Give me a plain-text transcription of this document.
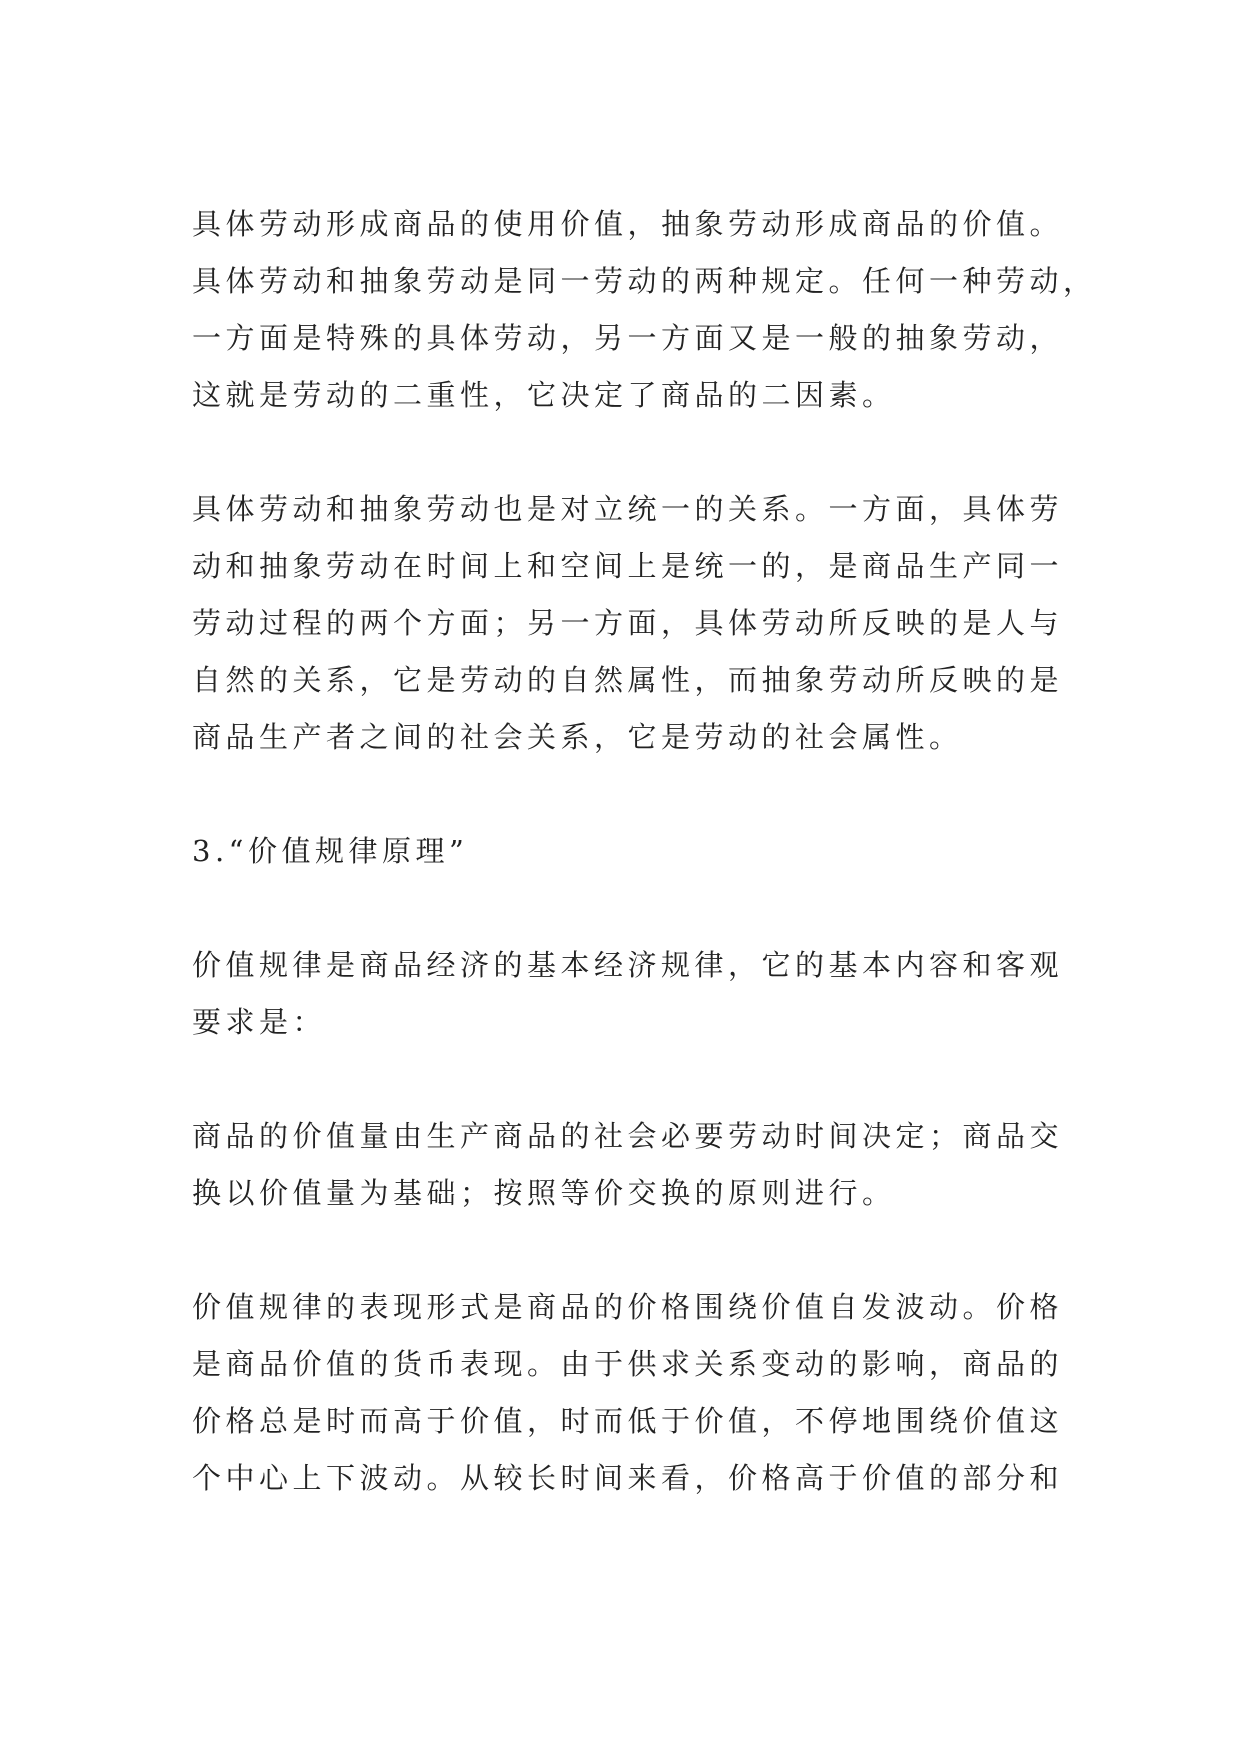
具体劳动形成商品的使用价值，抽象劳动形成商品的价值。
具体劳动和抽象劳动是同一劳动的两种规定。任何一种劳动，
一方面是特殊的具体劳动，另一方面又是一般的抽象劳动，
这就是劳动的二重性，它决定了商品的二因素。

具体劳动和抽象劳动也是对立统一的关系。一方面，具体劳
动和抽象劳动在时间上和空间上是统一的，是商品生产同一
劳动过程的两个方面；另一方面，具体劳动所反映的是人与
自然的关系，它是劳动的自然属性，而抽象劳动所反映的是
商品生产者之间的社会关系，它是劳动的社会属性。

3.“价值规律原理”

价值规律是商品经济的基本经济规律，它的基本内容和客观
要求是：

商品的价值量由生产商品的社会必要劳动时间决定；商品交
换以价值量为基础；按照等价交换的原则进行。

价值规律的表现形式是商品的价格围绕价值自发波动。价格
是商品价值的货币表现。由于供求关系变动的影响，商品的
价格总是时而高于价值，时而低于价值，不停地围绕价值这
个中心上下波动。从较长时间来看，价格高于价值的部分和
